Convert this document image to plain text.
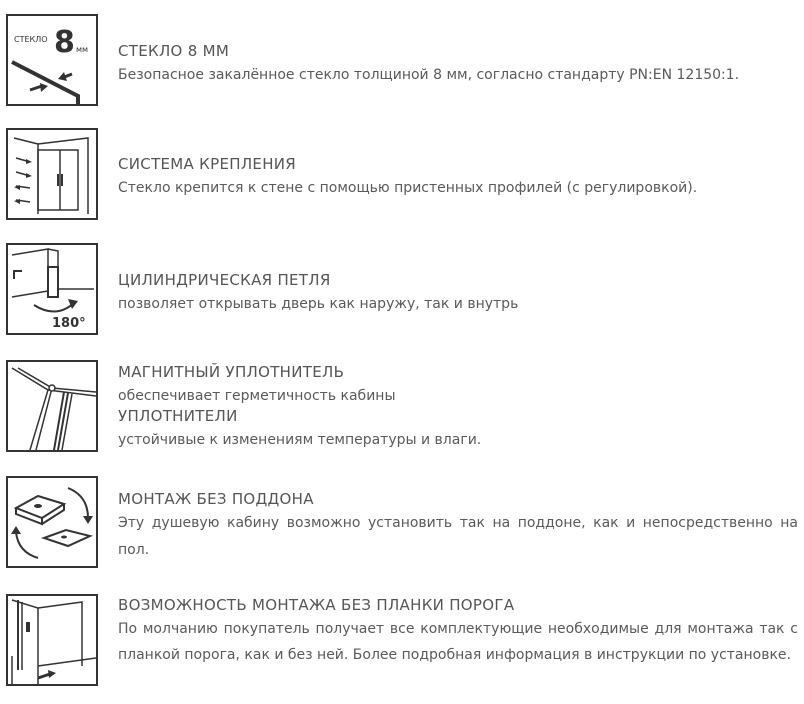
СТЕКЛО 8 мм СТЕКЛО 8 ММ

Безопасное закалённое стекло толщиной 8 мм, согласно стандарту PN:EN 12150:1.

СИСТЕМА КРЕПЛЕНИЯ

Стекло крепится к стене с помощью пристенных профилей (с регулировкой).

180°
ЦИЛИНДРИЧЕСКАЯ ПЕТЛЯ

позволяет открывать дверь как наружу, так и внутрь

МАГНИТНЫЙ УПЛОТНИТЕЛЬ

обеспечивает герметичность кабины

УПЛОТНИТЕЛИ

устойчивые к изменениям температуры и влаги.

МОНТАЖ БЕЗ ПОДДОНА

Эту душевую кабину возможно установить так на поддоне, как и непосредственно на пол.

ВОЗМОЖНОСТЬ МОНТАЖА БЕЗ ПЛАНКИ ПОРОГА

По молчанию покупатель получает все комплектующие необходимые для монтажа так с планкой порога, как и без ней. Более подробная информация в инструкции по установке.
